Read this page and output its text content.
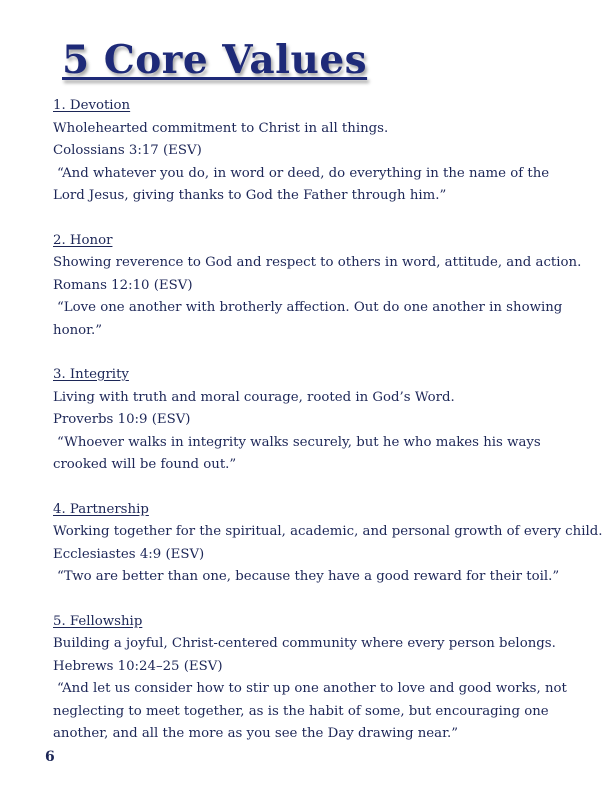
5 Core Values
1. Devotion
Wholehearted commitment to Christ in all things.
Colossians 3:17 (ESV)
“And whatever you do, in word or deed, do everything in the name of the Lord Jesus, giving thanks to God the Father through him.”
2. Honor
Showing reverence to God and respect to others in word, attitude, and action.
Romans 12:10 (ESV)
“Love one another with brotherly affection. Out do one another in showing honor.”
3. Integrity
Living with truth and moral courage, rooted in God’s Word.
Proverbs 10:9 (ESV)
“Whoever walks in integrity walks securely, but he who makes his ways crooked will be found out.”
4. Partnership
Working together for the spiritual, academic, and personal growth of every child.
Ecclesiastes 4:9 (ESV)
“Two are better than one, because they have a good reward for their toil.”
5. Fellowship
Building a joyful, Christ-centered community where every person belongs.
Hebrews 10:24–25 (ESV)
“And let us consider how to stir up one another to love and good works, not neglecting to meet together, as is the habit of some, but encouraging one another, and all the more as you see the Day drawing near.”
6
